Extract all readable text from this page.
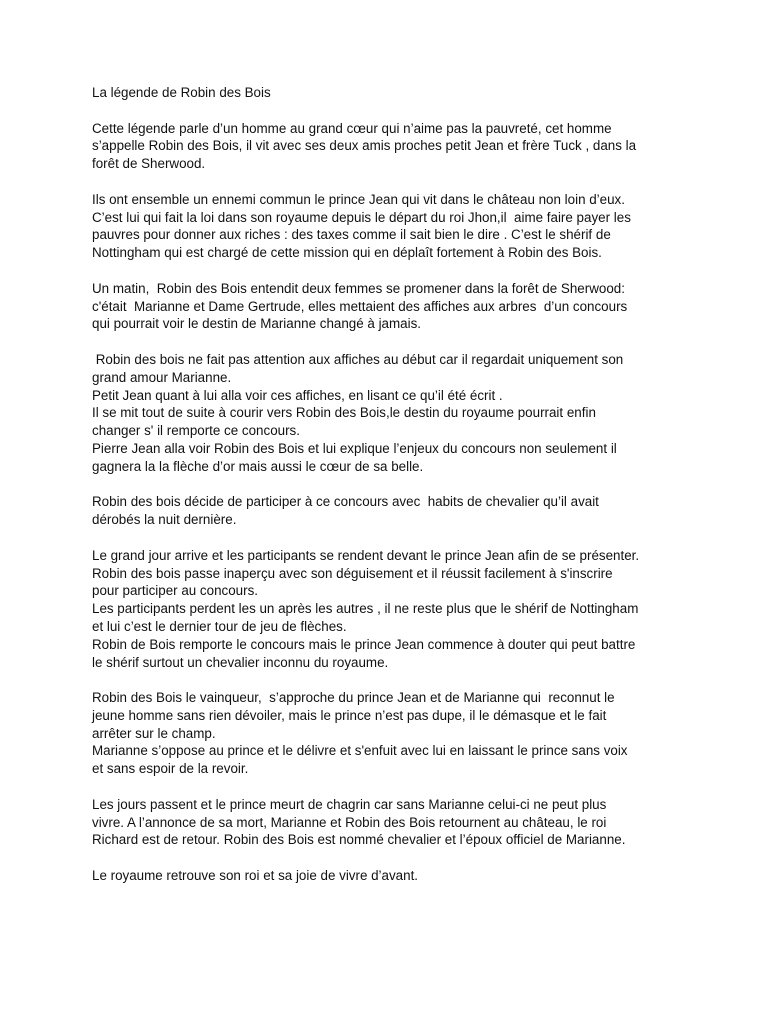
La légende de Robin des Bois
Cette légende parle d’un homme au grand cœur qui n’aime pas la pauvreté, cet homme
s’appelle Robin des Bois, il vit avec ses deux amis proches petit Jean et frère Tuck , dans la
forêt de Sherwood.
Ils ont ensemble un ennemi commun le prince Jean qui vit dans le château non loin d’eux.
C’est lui qui fait la loi dans son royaume depuis le départ du roi Jhon,il  aime faire payer les
pauvres pour donner aux riches : des taxes comme il sait bien le dire . C’est le shérif de
Nottingham qui est chargé de cette mission qui en déplaît fortement à Robin des Bois.
Un matin,  Robin des Bois entendit deux femmes se promener dans la forêt de Sherwood:
c'était  Marianne et Dame Gertrude, elles mettaient des affiches aux arbres  d’un concours
qui pourrait voir le destin de Marianne changé à jamais.
Robin des bois ne fait pas attention aux affiches au début car il regardait uniquement son
grand amour Marianne.
Petit Jean quant à lui alla voir ces affiches, en lisant ce qu’il été écrit .
Il se mit tout de suite à courir vers Robin des Bois,le destin du royaume pourrait enfin
changer s' il remporte ce concours.
Pierre Jean alla voir Robin des Bois et lui explique l’enjeux du concours non seulement il
gagnera la la flèche d’or mais aussi le cœur de sa belle.
Robin des bois décide de participer à ce concours avec  habits de chevalier qu’il avait
dérobés la nuit dernière.
Le grand jour arrive et les participants se rendent devant le prince Jean afin de se présenter.
Robin des bois passe inaperçu avec son déguisement et il réussit facilement à s'inscrire
pour participer au concours.
Les participants perdent les un après les autres , il ne reste plus que le shérif de Nottingham
et lui c’est le dernier tour de jeu de flèches.
Robin de Bois remporte le concours mais le prince Jean commence à douter qui peut battre
le shérif surtout un chevalier inconnu du royaume.
Robin des Bois le vainqueur,  s’approche du prince Jean et de Marianne qui  reconnut le
jeune homme sans rien dévoiler, mais le prince n’est pas dupe, il le démasque et le fait
arrêter sur le champ.
Marianne s’oppose au prince et le délivre et s'enfuit avec lui en laissant le prince sans voix
et sans espoir de la revoir.
Les jours passent et le prince meurt de chagrin car sans Marianne celui-ci ne peut plus
vivre. A l’annonce de sa mort, Marianne et Robin des Bois retournent au château, le roi
Richard est de retour. Robin des Bois est nommé chevalier et l’époux officiel de Marianne.
Le royaume retrouve son roi et sa joie de vivre d’avant.
